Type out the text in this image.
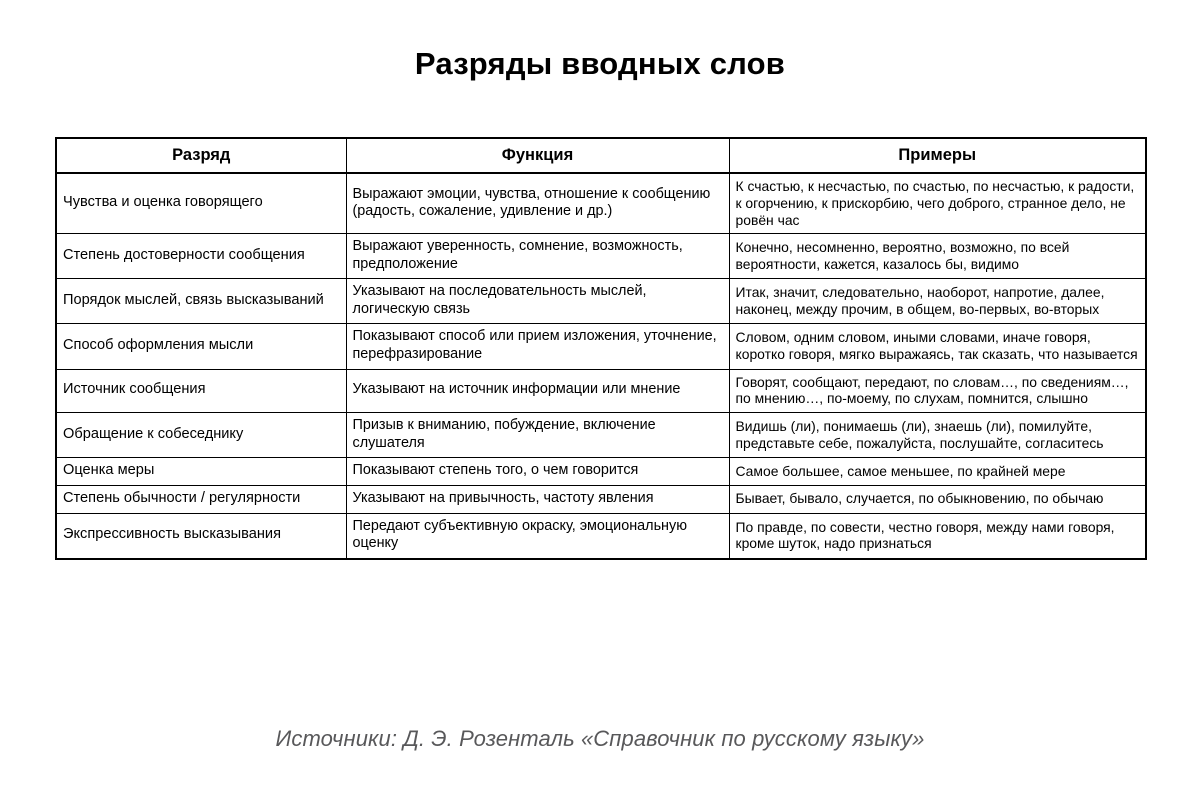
Разряды вводных слов
Разряд	Функция	Примеры
Чувства и оценка говорящего	Выражают эмоции, чувства, отношение к сообщению (радость, сожаление, удивление и др.)	К счастью, к несчастью, по счастью, по несчастью, к радости, к огорчению, к прискорбию, чего доброго, странное дело, не ровён час
Степень достоверности сообщения	Выражают уверенность, сомнение, возможность, предположение	Конечно, несомненно, вероятно, возможно, по всей вероятности, кажется, казалось бы, видимо
Порядок мыслей, связь высказываний	Указывают на последовательность мыслей, логическую связь	Итак, значит, следовательно, наоборот, напротие, далее, наконец, между прочим, в общем, во-первых, во-вторых
Способ оформления мысли	Показывают способ или прием изложения, уточнение, перефразирование	Словом, одним словом, иными словами, иначе говоря, коротко говоря, мягко выражаясь, так сказать, что называется
Источник сообщения	Указывают на источник информации или мнение	Говорят, сообщают, передают, по словам…, по сведениям…, по мнению…, по-моему, по слухам, помнится, слышно
Обращение к собеседнику	Призыв к вниманию, побуждение, включение слушателя	Видишь (ли), понимаешь (ли), знаешь (ли), помилуйте, представьте себе, пожалуйста, послушайте, согласитесь
Оценка меры	Показывают степень того, о чем говорится	Самое большее, самое меньшее, по крайней мере
Степень обычности / регулярности	Указывают на привычность, частоту явления	Бывает, бывало, случается, по обыкновению, по обычаю
Экспрессивность высказывания	Передают субъективную окраску, эмоциональную оценку	По правде, по совести, честно говоря, между нами говоря, кроме шуток, надо признаться
Источники: Д. Э. Розенталь «Справочник по русскому языку»
